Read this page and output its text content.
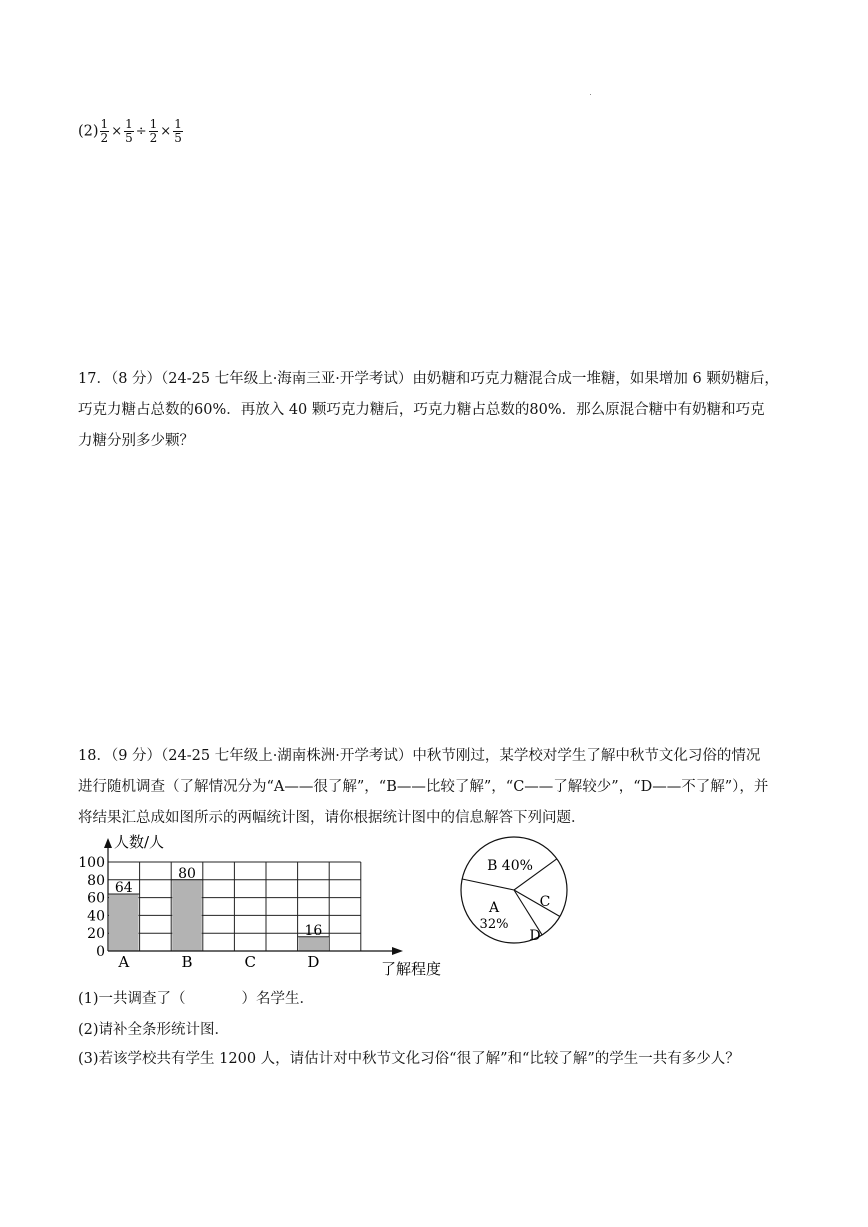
$(2) \frac{1}{2} \times \frac{1}{5} \div \frac{1}{2} \times \frac{1}{5}$
17．（8 分）（24-25 七年级上·海南三亚·开学考试）由奶糖和巧克力糖混合成一堆糖，如果增加 6 颗奶糖后，
巧克力糖占总数的60%．再放入 40 颗巧克力糖后，巧克力糖占总数的80%．那么原混合糖中有奶糖和巧克
力糖分别多少颗？
18．（9 分）（24-25 七年级上·湖南株洲·开学考试）中秋节刚过，某学校对学生了解中秋节文化习俗的情况
进行随机调查（了解情况分为“A——很了解”，“B——比较了解”，“C——了解较少”，“D——不了解”），并
将结果汇总成如图所示的两幅统计图，请你根据统计图中的信息解答下列问题．
64
A
80
B	C
16
D
0
20
40
60
80
100
人数/人
了解程度
B 40%
A
32%
C
D
(1)一共调查了（	）名学生．
(2)请补全条形统计图．
(3)若该学校共有学生 1200 人，请估计对中秋节文化习俗“很了解”和“比较了解”的学生一共有多少人？
